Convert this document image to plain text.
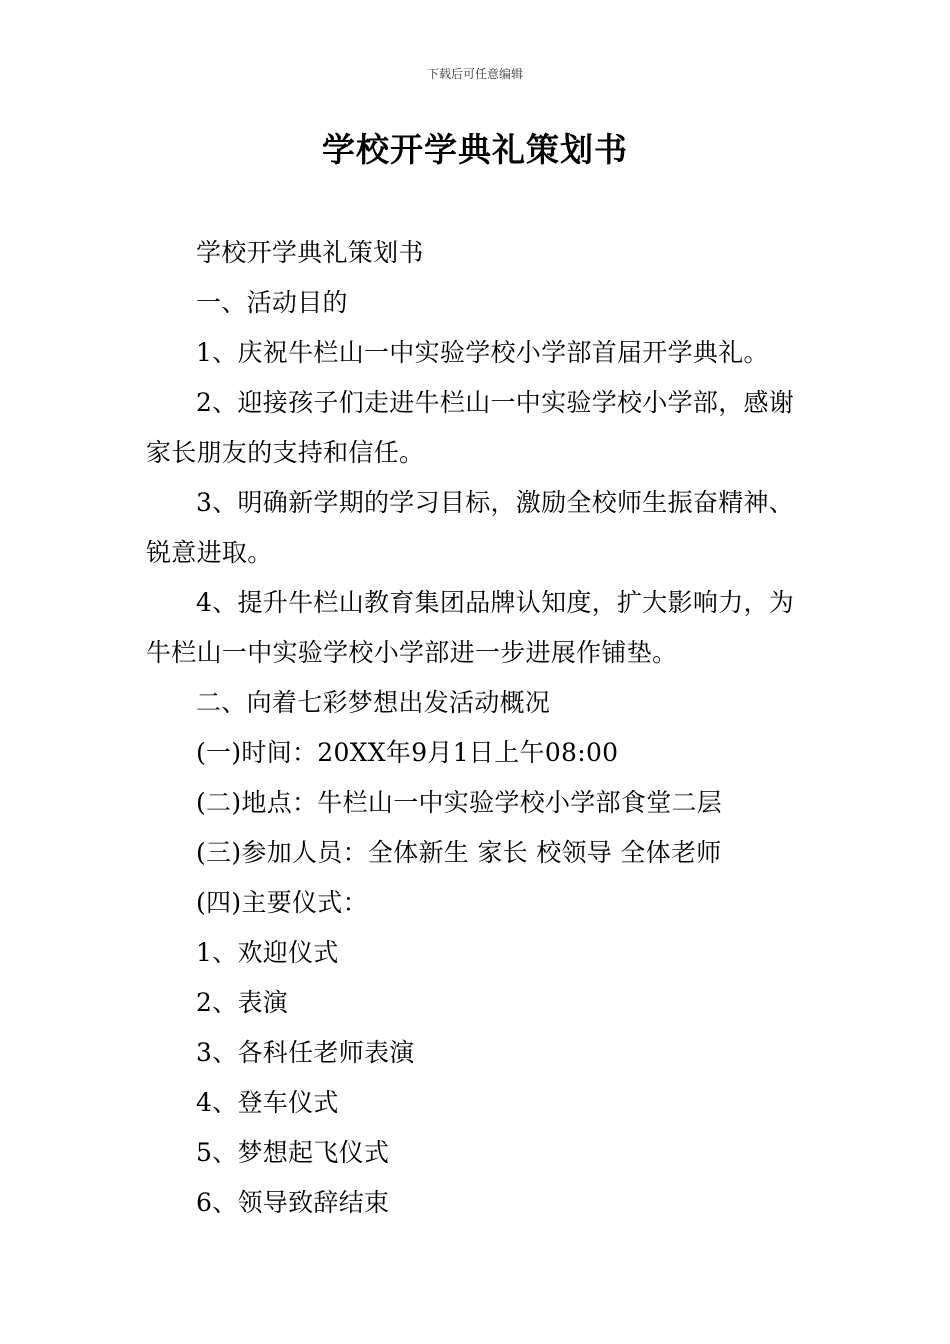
下载后可任意编辑
学校开学典礼策划书

学校开学典礼策划书

一、活动目的

1、庆祝牛栏山一中实验学校小学部首届开学典礼。

2、迎接孩子们走进牛栏山一中实验学校小学部，感谢家长朋友的支持和信任。

3、明确新学期的学习目标，激励全校师生振奋精神、锐意进取。

4、提升牛栏山教育集团品牌认知度，扩大影响力，为牛栏山一中实验学校小学部进一步进展作铺垫。

二、向着七彩梦想出发活动概况

(一)时间：20XX年9月1日上午08:00

(二)地点：牛栏山一中实验学校小学部食堂二层

(三)参加人员：全体新生 家长 校领导 全体老师

(四)主要仪式：

1、欢迎仪式

2、表演

3、各科任老师表演

4、登车仪式

5、梦想起飞仪式

6、领导致辞结束
